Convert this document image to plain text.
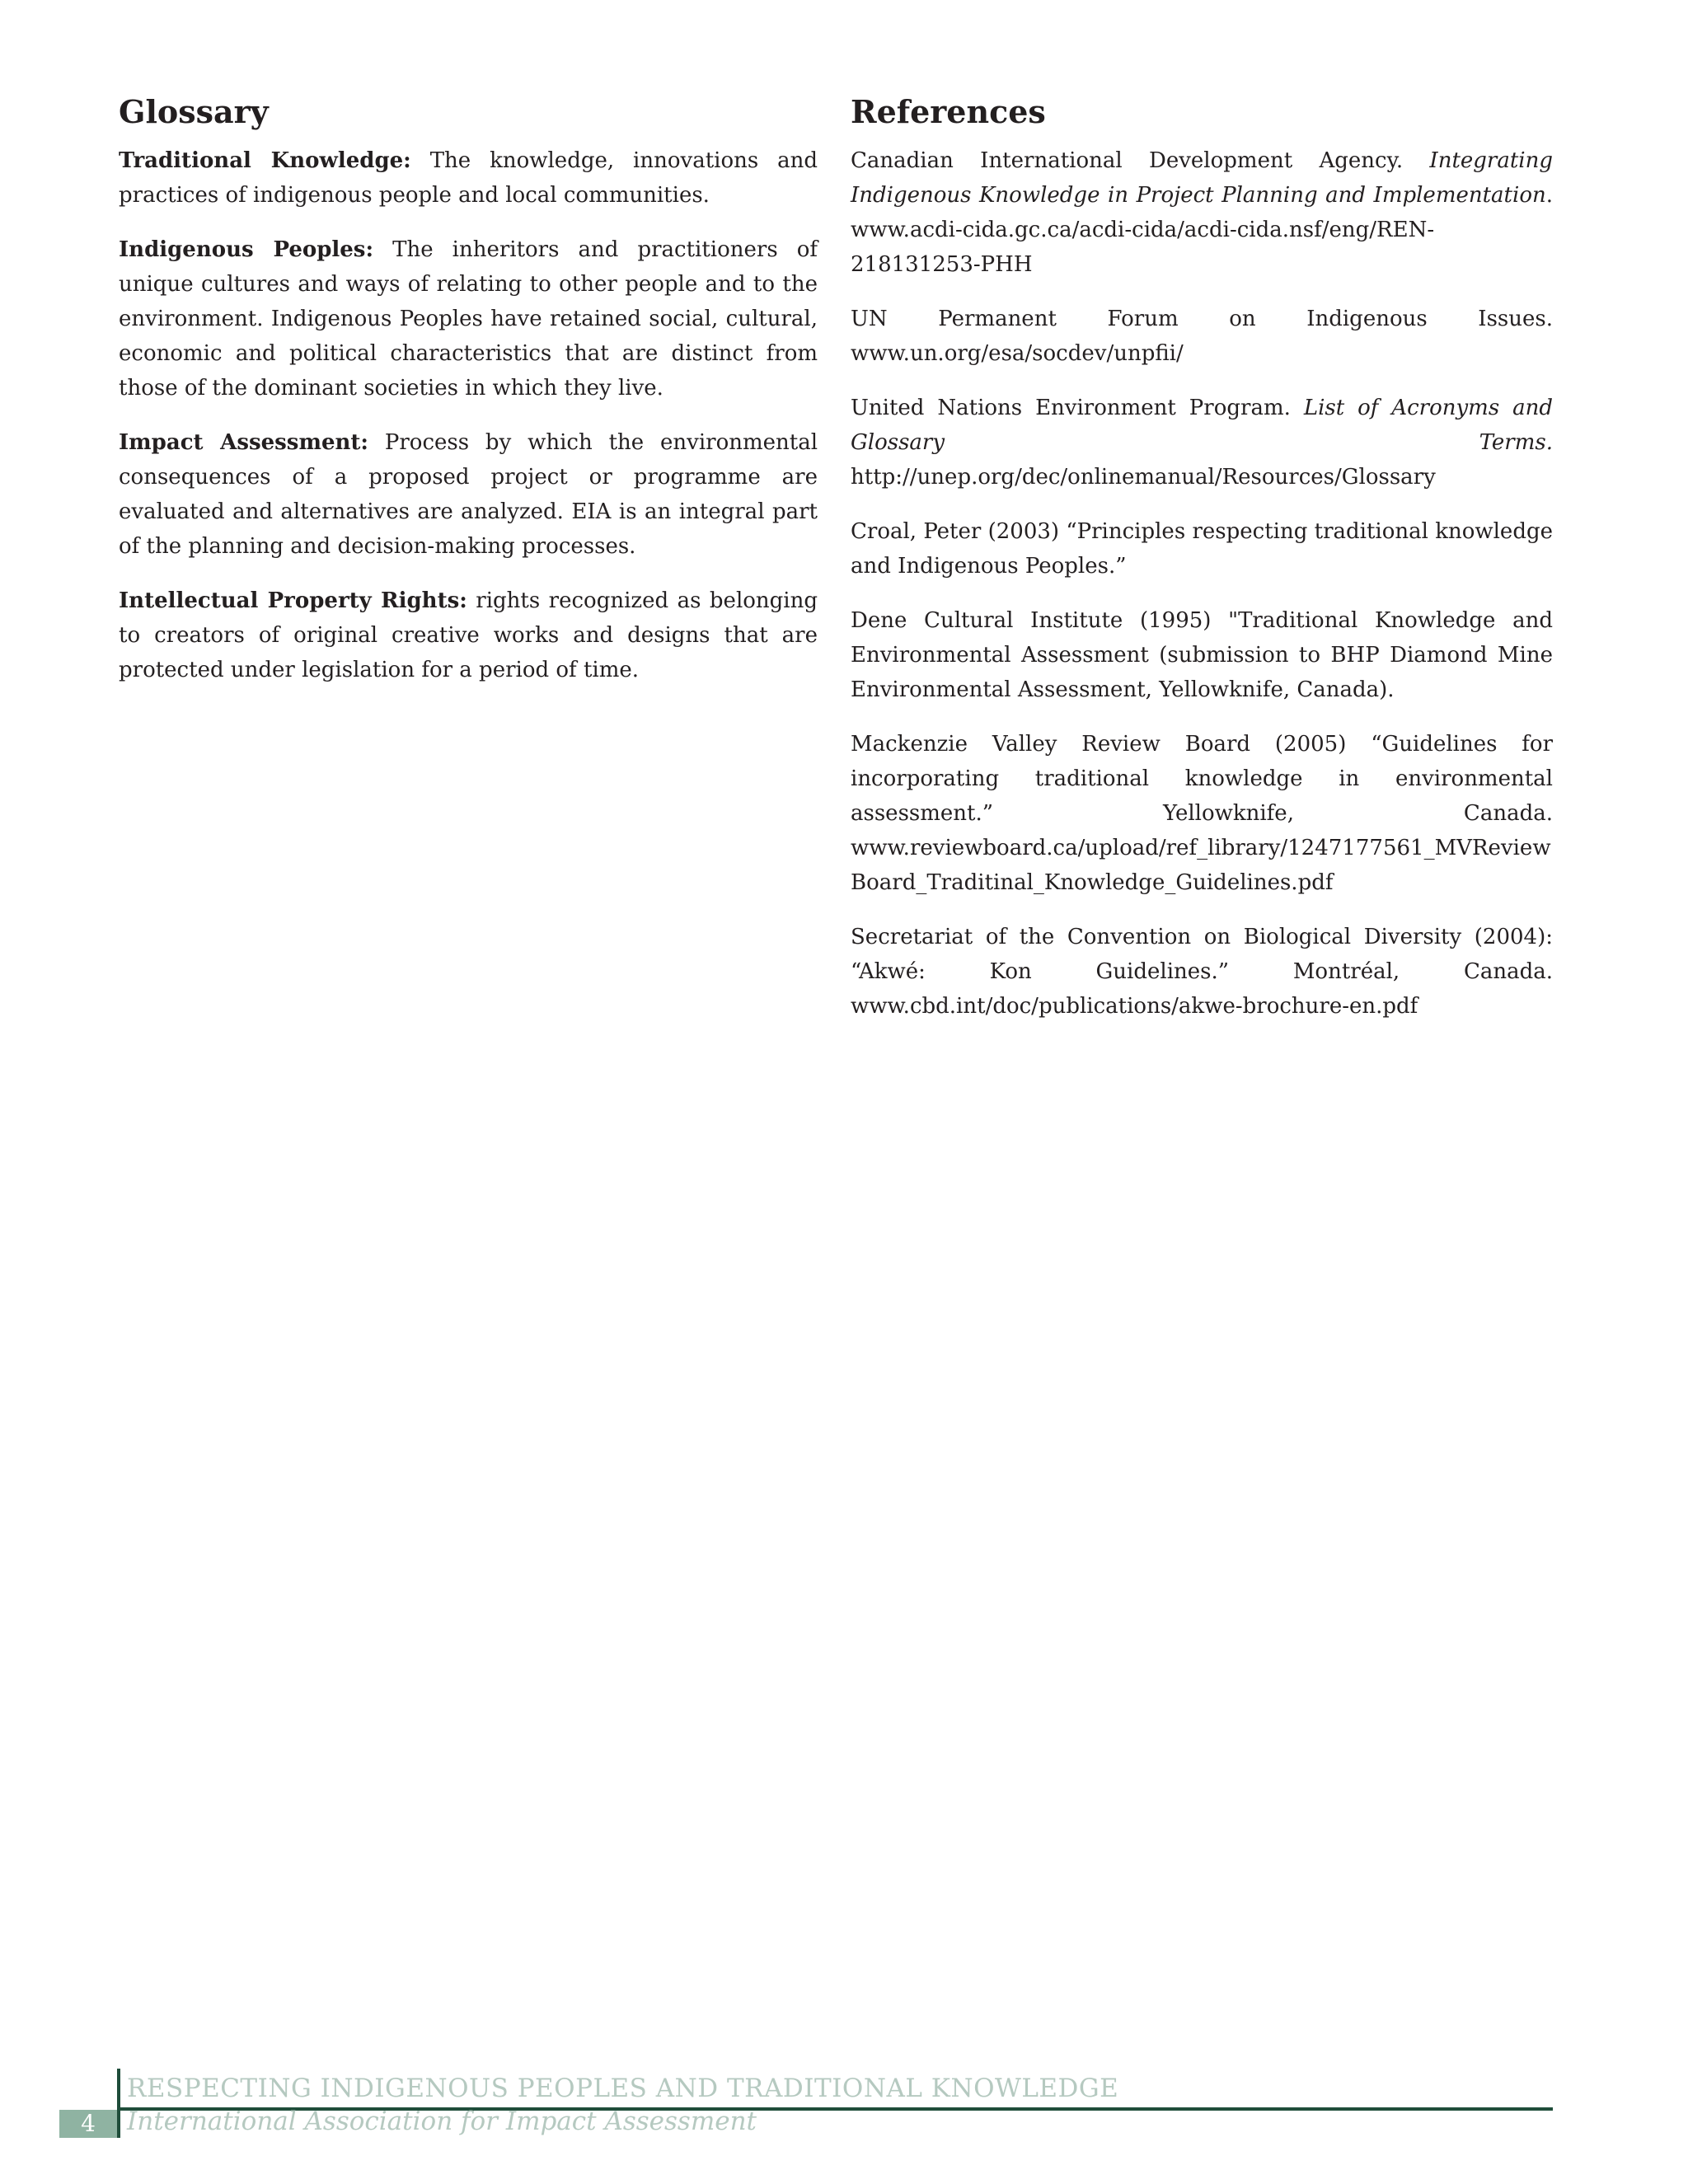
Glossary

Traditional Knowledge: The knowledge, innovations and practices of indigenous people and local communities.

Indigenous Peoples: The inheritors and practitioners of unique cultures and ways of relating to other people and to the environment. Indigenous Peoples have retained social, cultural, economic and political characteristics that are distinct from those of the dominant societies in which they live.

Impact Assessment: Process by which the environmental consequences of a proposed project or programme are evaluated and alternatives are analyzed. EIA is an integral part of the planning and decision-making processes.

Intellectual Property Rights: rights recognized as belonging to creators of original creative works and designs that are protected under legislation for a period of time.

References

Canadian International Development Agency. Integrating Indigenous Knowledge in Project Planning and Implementation. www.acdi-cida.gc.ca/acdi-cida/acdi-cida.nsf/eng/REN-218131253-PHH

UN Permanent Forum on Indigenous Issues. www.un.org/esa/socdev/unpfii/

United Nations Environment Program. List of Acronyms and Glossary Terms. http://unep.org/dec/onlinemanual/Resources/Glossary

Croal, Peter (2003) “Principles respecting traditional knowledge and Indigenous Peoples.”

Dene Cultural Institute (1995) "Traditional Knowledge and Environmental Assessment (submission to BHP Diamond Mine Environmental Assessment, Yellowknife, Canada).

Mackenzie Valley Review Board (2005) “Guidelines for incorporating traditional knowledge in environmental assessment.” Yellowknife, Canada. www.reviewboard.ca/upload/ref_library/1247177561_MVReviewBoard_Traditinal_Knowledge_Guidelines.pdf

Secretariat of the Convention on Biological Diversity (2004): “Akwé: Kon Guidelines.” Montréal, Canada. www.cbd.int/doc/publications/akwe-brochure-en.pdf

4
RESPECTING INDIGENOUS PEOPLES AND TRADITIONAL KNOWLEDGE
International Association for Impact Assessment
